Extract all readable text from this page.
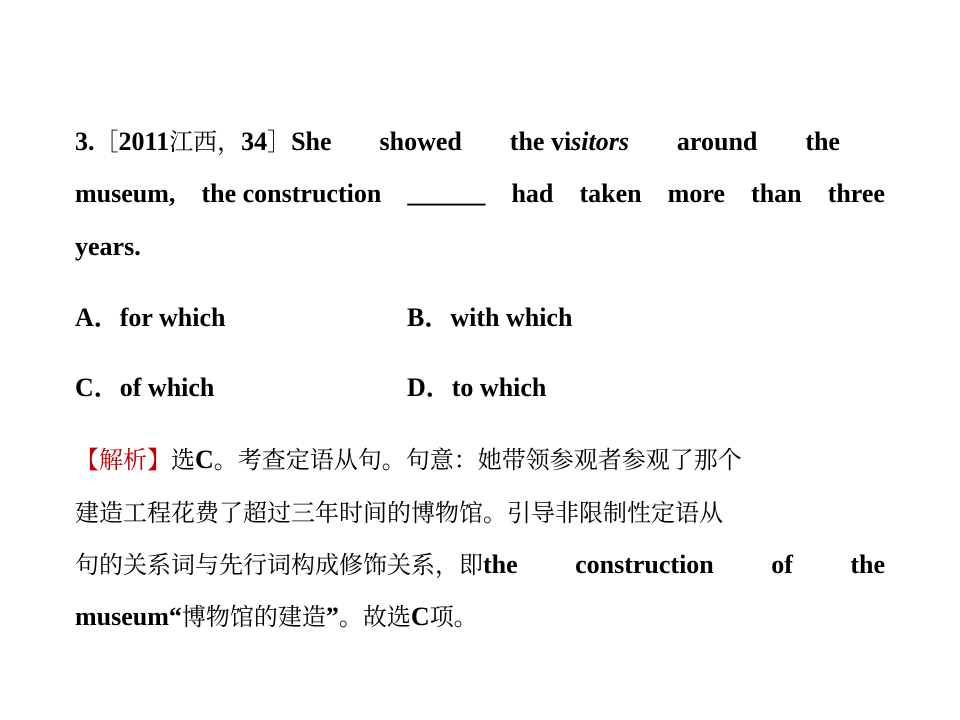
3.［2011江西，34］She showed the visitors around the
museum, the construction ______ had taken more than three
years.
A．for which	B．with which
C．of which	D．to which
【解析】选C。考查定语从句。句意：她带领参观者参观了那个
建造工程花费了超过三年时间的博物馆。引导非限制性定语从
句的关系词与先行词构成修饰关系，即the construction of the
museum“博物馆的建造”。故选C项。
